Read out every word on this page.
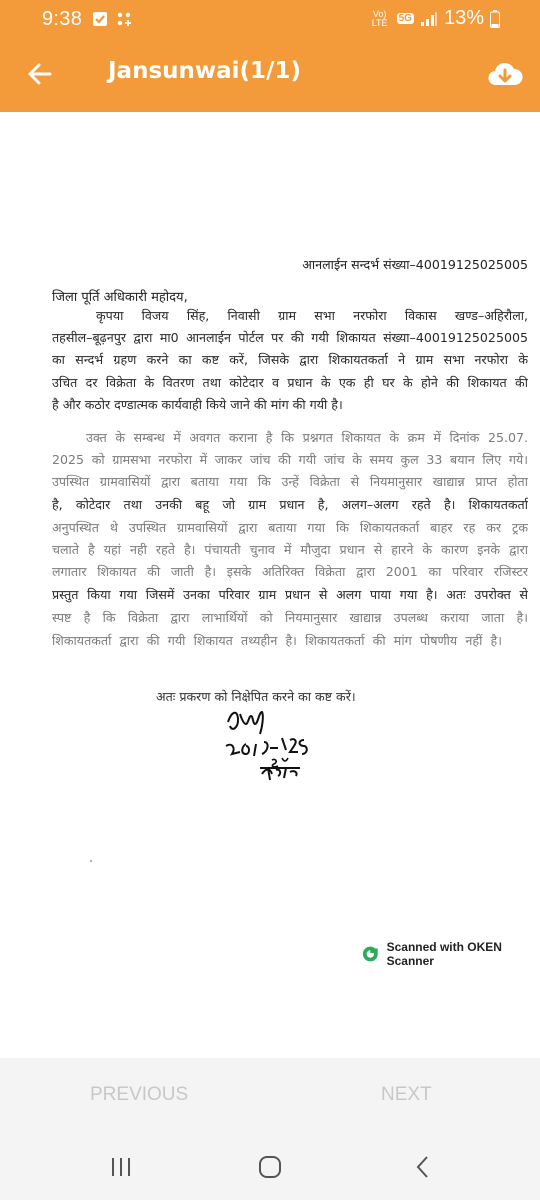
9:38	Vo) LTE	5G 13%
Jansunwai(1/1)
आनलाईन सन्दर्भ संख्या–40019125025005
जिला पूर्ति अधिकारी महोदय,
कृपया विजय सिंह, निवासी ग्राम सभा नरफोरा विकास खण्ड–अहिरौला,
तहसील–बूढ़नपुर द्वारा मा0 आनलाईन पोर्टल पर की गयी शिकायत संख्या–40019125025005
का सन्दर्भ ग्रहण करने का कष्ट करें, जिसके द्वारा शिकायतकर्ता ने ग्राम सभा नरफोरा के
उचित दर विक्रेता के वितरण तथा कोटेदार व प्रधान के एक ही घर के होने की शिकायत की
है और कठोर दण्डात्मक कार्यवाही किये जाने की मांग की गयी है।
उक्त के सम्बन्ध में अवगत कराना है कि प्रश्नगत शिकायत के क्रम में दिनांक 25.07.
2025 को ग्रामसभा नरफोरा में जाकर जांच की गयी जांच के समय कुल 33 बयान लिए गये।
उपस्थित ग्रामवासियों द्वारा बताया गया कि उन्हें विक्रेता से नियमानुसार खाद्यान्न प्राप्त होता
है, कोटेदार तथा उनकी बहू जो ग्राम प्रधान है, अलग–अलग रहते है। शिकायतकर्ता
अनुपस्थित थे उपस्थित ग्रामवासियों द्वारा बताया गया कि शिकायतकर्ता बाहर रह कर ट्रक
चलाते है यहां नही रहते है। पंचायती चुनाव में मौजुदा प्रधान से हारने के कारण इनके द्वारा
लगातार शिकायत की जाती है। इसके अतिरिक्त विक्रेता द्वारा 2001 का परिवार रजिस्टर
प्रस्तुत किया गया जिसमें उनका परिवार ग्राम प्रधान से अलग पाया गया है। अतः उपरोक्त से
स्पष्ट है कि विक्रेता द्वारा लाभार्थियों को नियमानुसार खाद्यान्न उपलब्ध कराया जाता है।
शिकायतकर्ता द्वारा की गयी शिकायत तथ्यहीन है। शिकायतकर्ता की मांग पोषणीय नहीं है।
अतः प्रकरण को निक्षेपित करने का कष्ट करें।
Scanned with OKEN Scanner
PREVIOUS	NEXT
